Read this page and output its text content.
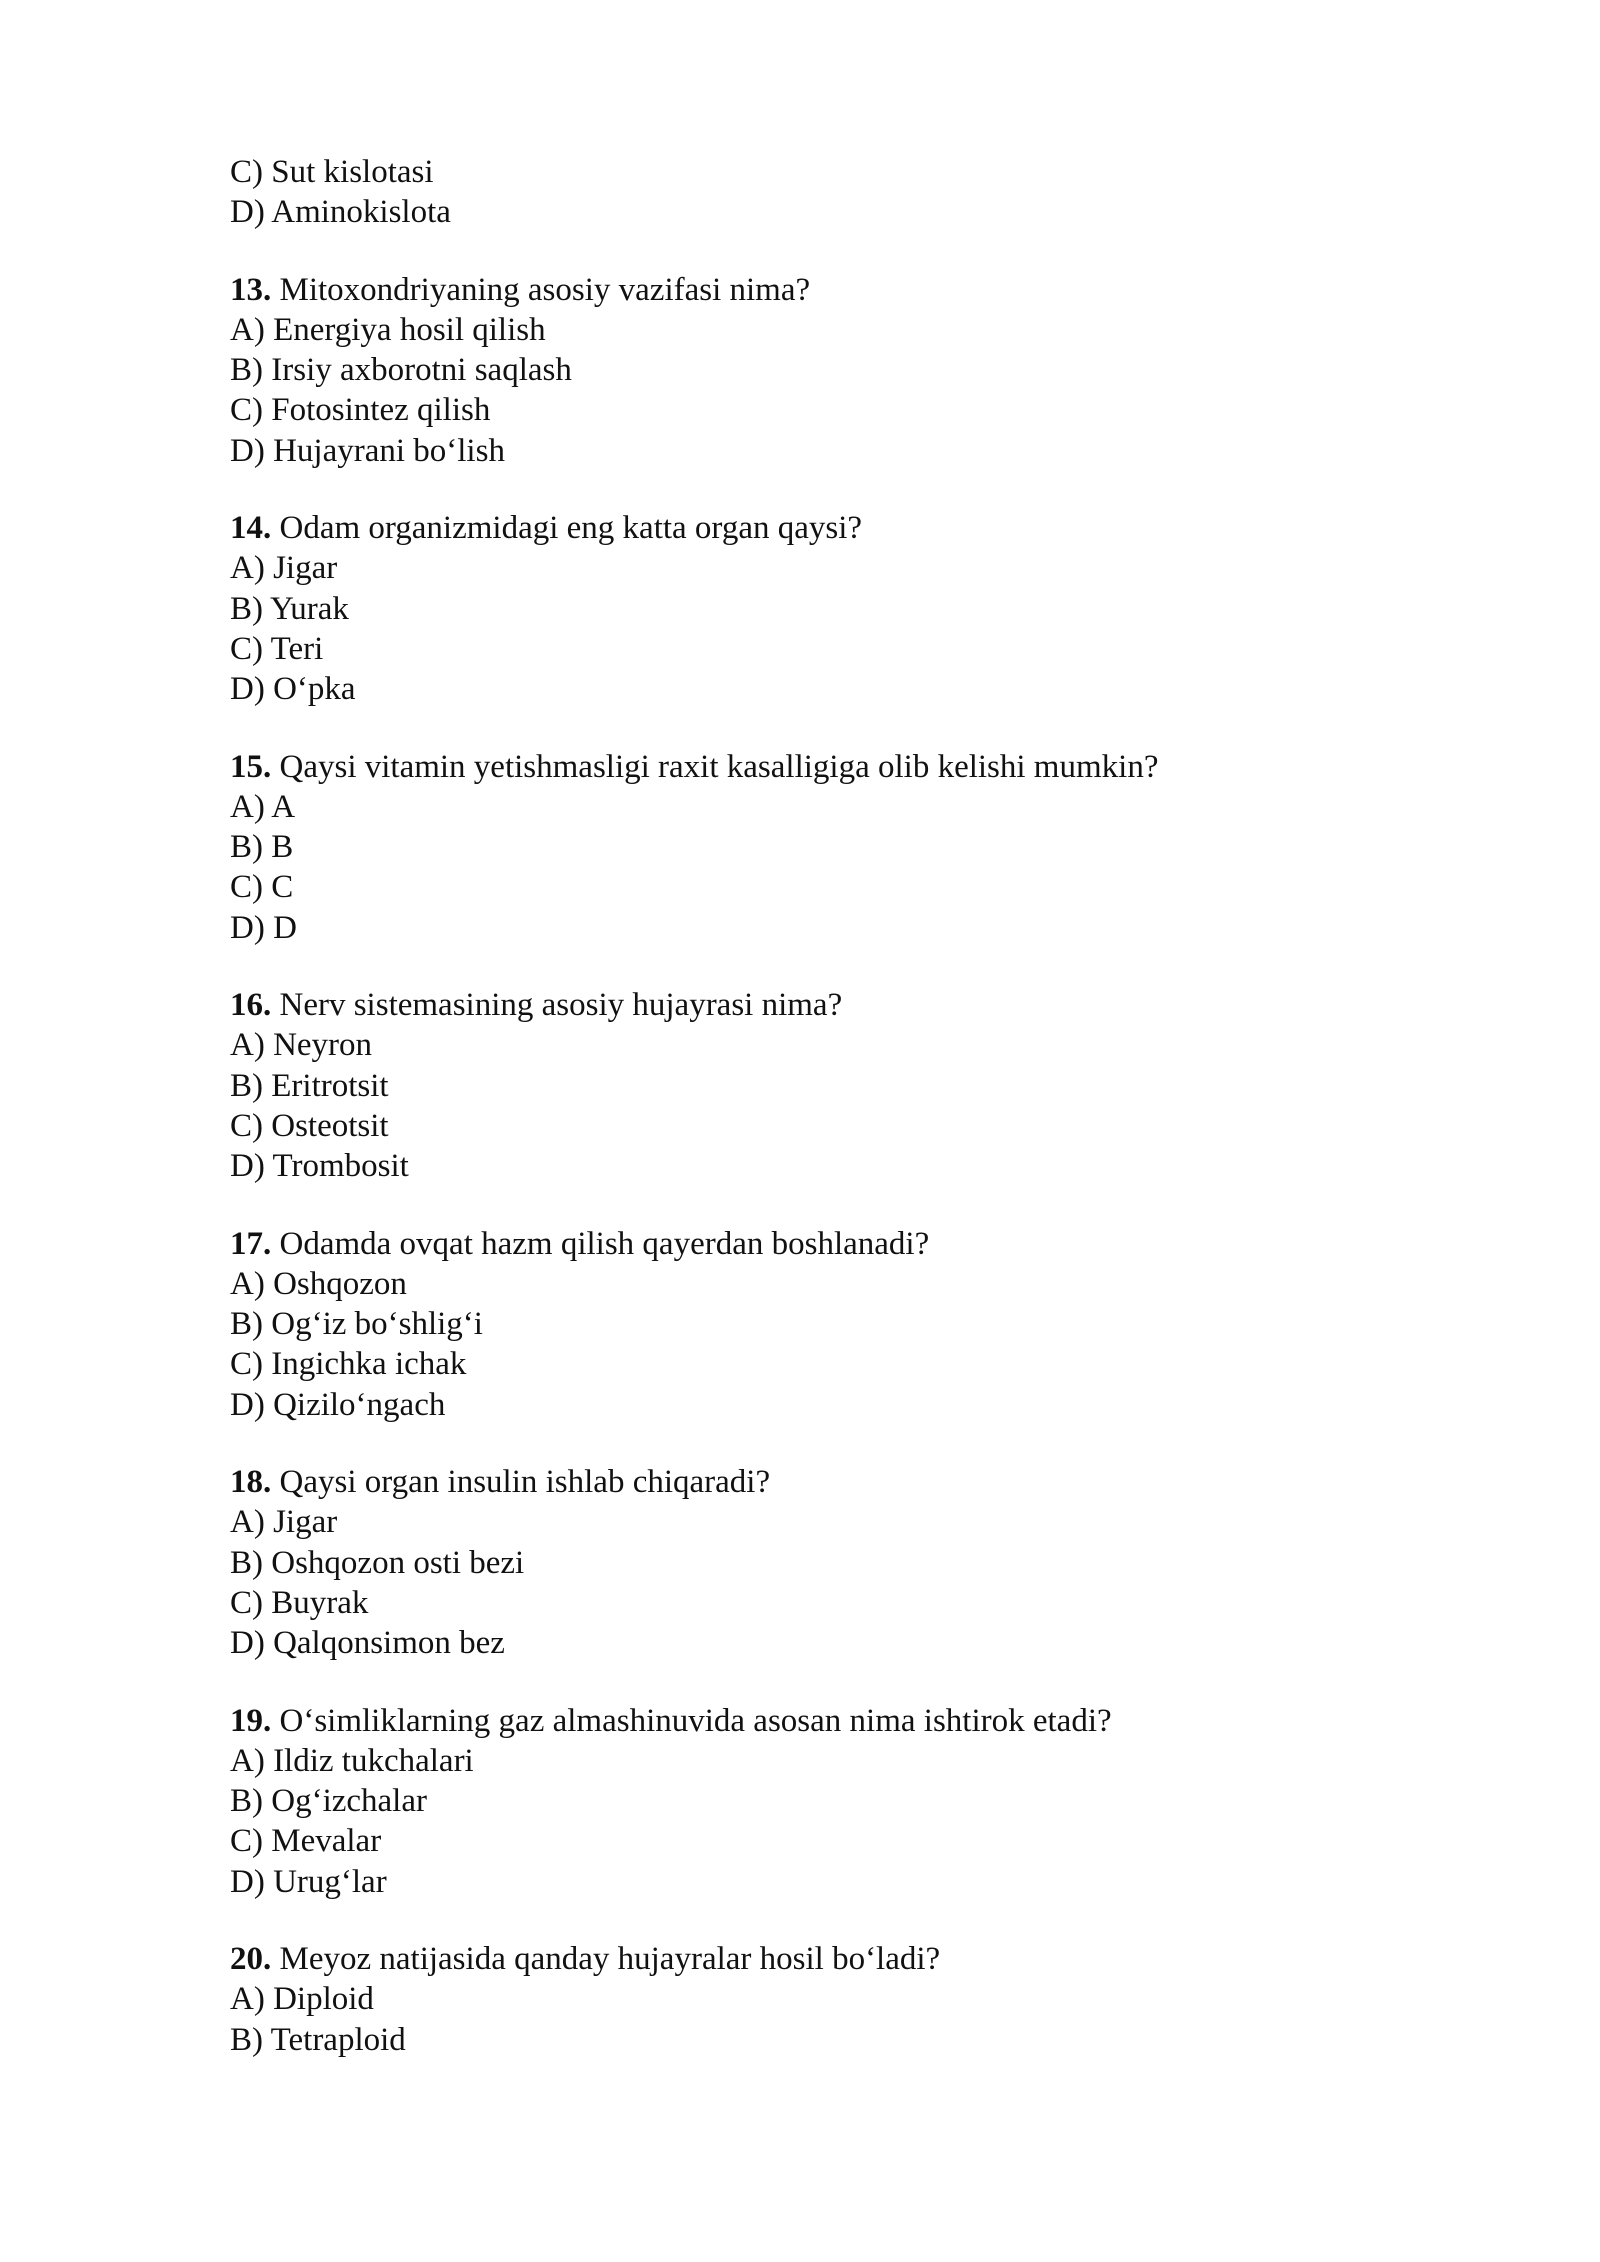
C) Sut kislotasi
D) Aminokislota
13. Mitoxondriyaning asosiy vazifasi nima?
A) Energiya hosil qilish
B) Irsiy axborotni saqlash
C) Fotosintez qilish
D) Hujayrani bo‘lish
14. Odam organizmidagi eng katta organ qaysi?
A) Jigar
B) Yurak
C) Teri
D) O‘pka
15. Qaysi vitamin yetishmasligi raxit kasalligiga olib kelishi mumkin?
A) A
B) B
C) C
D) D
16. Nerv sistemasining asosiy hujayrasi nima?
A) Neyron
B) Eritrotsit
C) Osteotsit
D) Trombosit
17. Odamda ovqat hazm qilish qayerdan boshlanadi?
A) Oshqozon
B) Og‘iz bo‘shlig‘i
C) Ingichka ichak
D) Qizilo‘ngach
18. Qaysi organ insulin ishlab chiqaradi?
A) Jigar
B) Oshqozon osti bezi
C) Buyrak
D) Qalqonsimon bez
19. O‘simliklarning gaz almashinuvida asosan nima ishtirok etadi?
A) Ildiz tukchalari
B) Og‘izchalar
C) Mevalar
D) Urug‘lar
20. Meyoz natijasida qanday hujayralar hosil bo‘ladi?
A) Diploid
B) Tetraploid
